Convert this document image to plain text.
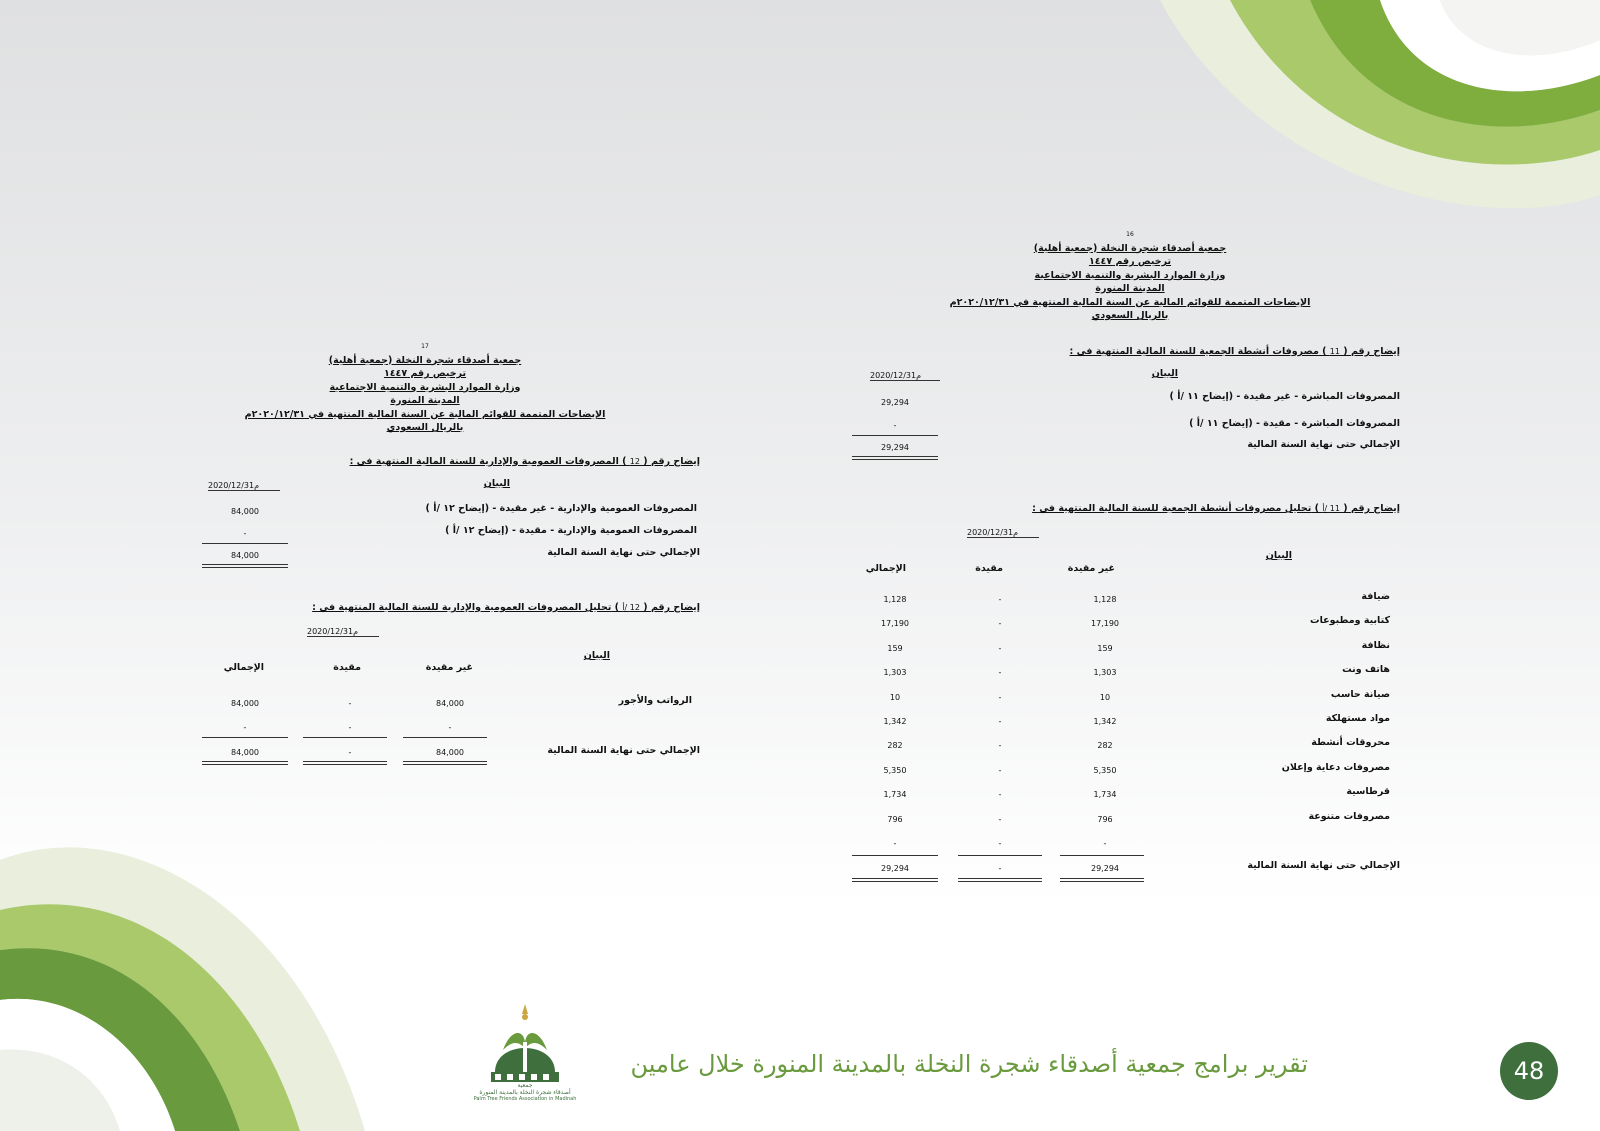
16
جمعية أصدقاء شجرة النخلة (جمعية أهلية)
ترخيص رقم ١٤٤٧
وزارة الموارد البشرية والتنمية الاجتماعية
المدينة المنورة
الإيضاحات المتممة للقوائم المالية عن السنة المالية المنتهية في ٢٠٢٠/١٢/٣١م
بالريال السعودي
إيضاح رقم ( 11 ) مصروفات أنشطة الجمعية للسنة المالية المنتهية في :
2020/12/31م	البيان
المصروفات المباشرة - غير مقيدة - (إيضاح ١١ /أ )
29,294
المصروفات المباشرة - مقيدة - (إيضاح ١١ /أ )
-
الإجمالي حتى نهاية السنة المالية
29,294
إيضاح رقم ( 11 /أ ) تحليل مصروفات أنشطة الجمعية للسنة المالية المنتهية في :
2020/12/31م
البيان
غير مقيدة
مقيدة
الإجمالي
ضيافة
1,128	-	1,128
كتابية ومطبوعات
17,190	-	17,190
نظافة
159	-	159
هاتف ونت
1,303	-	1,303
صيانة حاسب
10	-	10
مواد مستهلكة
1,342	-	1,342
محروقات أنشطة
282	-	282
مصروفات دعاية وإعلان
5,350	-	5,350
قرطاسية
1,734	-	1,734
مصروفات متنوعة
796	-	796
-	-	-
الإجمالي حتى نهاية السنة المالية
29,294	-	29,294
17
جمعية أصدقاء شجرة النخلة (جمعية أهلية)
ترخيص رقم ١٤٤٧
وزارة الموارد البشرية والتنمية الاجتماعية
المدينة المنورة
الإيضاحات المتممة للقوائم المالية عن السنة المالية المنتهية في ٢٠٢٠/١٢/٣١م
بالريال السعودي
إيضاح رقم ( 12 ) المصروفات العمومية والإدارية للسنة المالية المنتهية في :
2020/12/31م	البيان
المصروفات العمومية والإدارية - غير مقيدة - (إيضاح ١٢ /أ )
84,000
المصروفات العمومية والإدارية - مقيدة - (إيضاح ١٢ /أ )
-
الإجمالي حتى نهاية السنة المالية
84,000
إيضاح رقم ( 12 /أ ) تحليل المصروفات العمومية والإدارية للسنة المالية المنتهية في :
2020/12/31م
البيان
غير مقيدة
مقيدة
الإجمالي
الرواتب والأجور
84,000	-	84,000
-	-	-
الإجمالي حتى نهاية السنة المالية
84,000	-	84,000
جمعية
أصدقاء شجرة النخلة بالمدينة المنورة
Palm Tree Friends Association in Madinah
تقرير برامج جمعية أصدقاء شجرة النخلة بالمدينة المنورة خلال عامين	48
